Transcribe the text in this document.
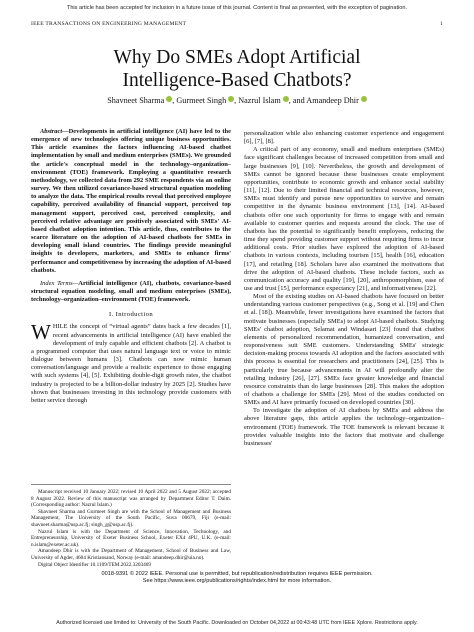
This article has been accepted for inclusion in a future issue of this journal. Content is final as presented, with the exception of pagination.
IEEE TRANSACTIONS ON ENGINEERING MANAGEMENT	1
Why Do SMEs Adopt Artificial
Intelligence-Based Chatbots?
Shavneet Sharma , Gurmeet Singh , Nazrul Islam , and Amandeep Dhir

Abstract—Developments in artificial intelligence (AI) have led to the emergence of new technologies offering unique business opportunities. This article examines the factors influencing AI-based chatbot implementation by small and medium enterprises (SMEs). We grounded the article's conceptual model in the technology–organization–environment (TOE) framework. Employing a quantitative research methodology, we collected data from 292 SME respondents via an online survey. We then utilized covariance-based structural equation modeling to analyze the data. The empirical results reveal that perceived employee capability, perceived availability of financial support, perceived top management support, perceived cost, perceived complexity, and perceived relative advantage are positively associated with SMEs' AI-based chatbot adoption intention. This article, thus, contributes to the scarce literature on the adoption of AI-based chatbots for SMEs in developing small island countries. The findings provide meaningful insights to developers, marketers, and SMEs to enhance firms' performance and competitiveness by increasing the adoption of AI-based chatbots.

Index Terms—Artificial intelligence (AI), chatbots, covariance-based structural equation modeling, small and medium enterprises (SMEs), technology–organization–environment (TOE) framework.

I. Introduction

WHILE the concept of “virtual agents” dates back a few decades [1], recent advancements in artificial intelligence (AI) have enabled the development of truly capable and efficient chatbots [2]. A chatbot is a programmed computer that uses natural language text or voice to mimic dialogue between humans [3]. Chatbots can now mimic human conversation/language and provide a realistic experience to those engaging with such systems [4], [5]. Exhibiting double-digit growth rates, the chatbot industry is projected to be a billion-dollar industry by 2025 [2]. Studies have shown that businesses investing in this technology provide customers with better service through

Manuscript received 10 January 2022; revised 10 April 2022 and 5 August 2022; accepted 8 August 2022. Review of this manuscript was arranged by Department Editor T. Daim. (Corresponding author: Nazrul Islam.)

Shavneet Sharma and Gurmeet Singh are with the School of Management and Business Management, The University of the South Pacific, Suva 00679, Fiji (e-mail: shavneet.sharma@usp.ac.fj; singh_g@usp.ac.fj).

Nazrul Islam is with the Department of Science, Innovation, Technology, and Entrepreneurship, University of Exeter Business School, Exeter EX4 4PU, U.K. (e-mail: n.islam@exeter.ac.uk).

Amandeep Dhir is with the Department of Management, School of Business and Law, University of Agder, 4604 Kristiansand, Norway (e-mail: amandeep.dhir@uia.no).

Digital Object Identifier 10.1109/TEM.2022.3203469

personalization while also enhancing customer experience and engagement [6], [7], [8].

A critical part of any economy, small and medium enterprises (SMEs) face significant challenges because of increased competition from small and large businesses [9], [10]. Nevertheless, the growth and development of SMEs cannot be ignored because these businesses create employment opportunities, contribute to economic growth and enhance social stability [11], [12]. Due to their limited financial and technical resources, however, SMEs must identify and pursue new opportunities to survive and remain competitive in the dynamic business environment [13], [14]. AI-based chatbots offer one such opportunity for firms to engage with and remain available to customer queries and requests around the clock. The use of chatbots has the potential to significantly benefit employees, reducing the time they spend providing customer support without requiring firms to incur additional costs. Prior studies have explored the adoption of AI-based chatbots in various contexts, including tourism [15], health [16], education [17], and retailing [18]. Scholars have also examined the motivations that drive the adoption of AI-based chatbots. These include factors, such as communication accuracy and quality [19], [20], anthropomorphism, ease of use and trust [15], performance expectancy [21], and informativeness [22].

Most of the existing studies on AI-based chatbots have focused on better understanding various customer perspectives (e.g., Song et al. [19] and Chen et al. [18]). Meanwhile, fewer investigations have examined the factors that motivate businesses (especially SMEs) to adopt AI-based chatbots. Studying SMEs' chatbot adoption, Selamat and Windasari [23] found that chatbot elements of personalized recommendation, humanized conversation, and responsiveness suit SME customers. Understanding SMEs' strategic decision-making process towards AI adoption and the factors associated with this process is essential for researchers and practitioners [24], [25]. This is particularly true because advancements in AI will profoundly alter the retailing industry [26], [27]. SMEs face greater knowledge and financial resource constraints than do large businesses [28]. This makes the adoption of chatbots a challenge for SMEs [29]. Most of the studies conducted on SMEs and AI have primarily focused on developed countries [30].

To investigate the adoption of AI chatbots by SMEs and address the above literature gaps, this article applies the technology–organization–environment (TOE) framework. The TOE framework is relevant because it provides valuable insights into the factors that motivate and challenge businesses'

0018-9391 © 2022 IEEE. Personal use is permitted, but republication/redistribution requires IEEE permission.
See https://www.ieee.org/publications/rights/index.html for more information.
Authorized licensed use limited to: University of the South Pacific. Downloaded on October 04,2022 at 00:43:48 UTC from IEEE Xplore. Restrictions apply.
